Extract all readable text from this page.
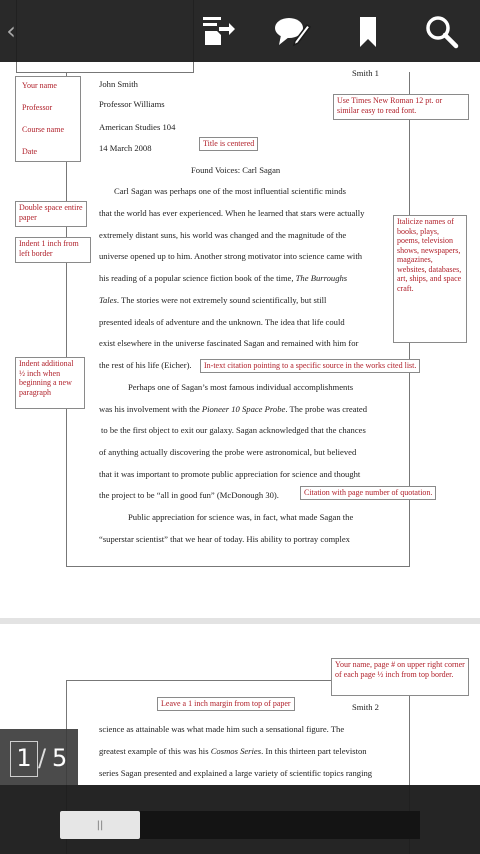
Smith 1
John Smith
Professor Williams
American Studies 104
14 March 2008
Found Voices: Carl Sagan
Carl Sagan was perhaps one of the most influential scientific minds
that the world has ever experienced. When he learned that stars were actually
extremely distant suns, his world was changed and the magnitude of the
universe opened up to him. Another strong motivator into science came with
his reading of a popular science fiction book of the time, The Burroughs
Tales. The stories were not extremely sound scientifically, but still
presented ideals of adventure and the unknown. The idea that life could
exist elsewhere in the universe fascinated Sagan and remained with him for
the rest of his life (Eicher).
Perhaps one of Sagan’s most famous individual accomplishments
was his involvement with the Pioneer 10 Space Probe. The probe was created
to be the first object to exit our galaxy. Sagan acknowledged that the chances
of anything actually discovering the probe were astronomical, but believed
that it was important to promote public appreciation for science and thought
the project to be “all in good fun” (McDonough 30).
Public appreciation for science was, in fact, what made Sagan the
“superstar scientist” that we hear of today. His ability to portray complex
Your name
Professor
Course name
Date
Use Times New Roman 12 pt. or similar easy to read font.
Title is centered
Double space entire paper
Indent 1 inch from left border
Indent additional ½ inch when beginning a new paragraph
Italicize names of books, plays, poems, television shows, newspapers, magazines, websites, databases, art, ships, and space craft.
In-text citation pointing to a specific source in the works cited list.
Citation with page number of quotation.
Your name, page # on upper right corner of each page ½ inch from top border.
Leave a 1 inch margin from top of paper	Smith 2
science as attainable was what made him such a sensational figure. The
greatest example of this was his Cosmos Series. In this thirteen part televiston
series Sagan presented and explained a large variety of scientific topics ranging
‹
1 / 5
||
